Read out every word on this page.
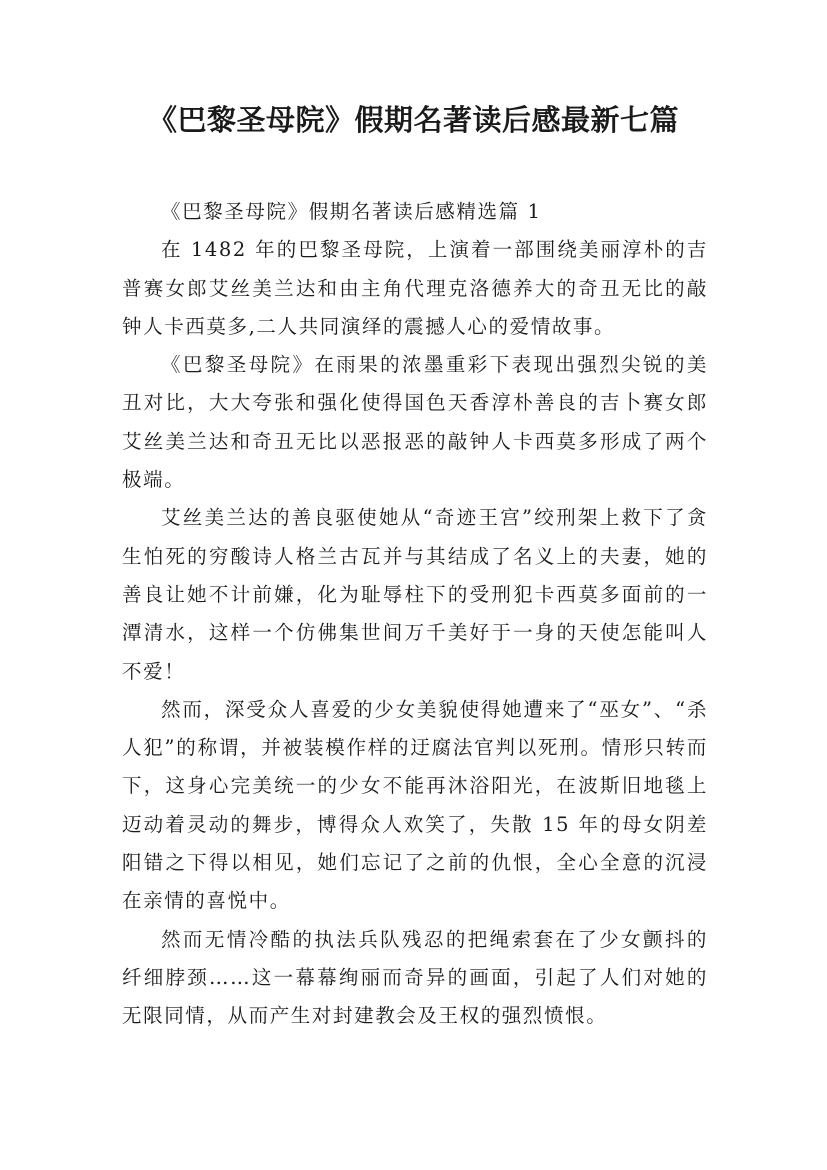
《巴黎圣母院》假期名著读后感最新七篇

《巴黎圣母院》假期名著读后感精选篇 1

在 1482 年的巴黎圣母院，上演着一部围绕美丽淳朴的吉普赛女郎艾丝美兰达和由主角代理克洛德养大的奇丑无比的敲钟人卡西莫多,二人共同演绎的震撼人心的爱情故事。

《巴黎圣母院》在雨果的浓墨重彩下表现出强烈尖锐的美丑对比，大大夸张和强化使得国色天香淳朴善良的吉卜赛女郎艾丝美兰达和奇丑无比以恶报恶的敲钟人卡西莫多形成了两个极端。

艾丝美兰达的善良驱使她从“奇迹王宫”绞刑架上救下了贪生怕死的穷酸诗人格兰古瓦并与其结成了名义上的夫妻，她的善良让她不计前嫌，化为耻辱柱下的受刑犯卡西莫多面前的一潭清水，这样一个仿佛集世间万千美好于一身的天使怎能叫人不爱！

然而，深受众人喜爱的少女美貌使得她遭来了“巫女”、“杀人犯”的称谓，并被装模作样的迂腐法官判以死刑。情形只转而下，这身心完美统一的少女不能再沐浴阳光，在波斯旧地毯上迈动着灵动的舞步，博得众人欢笑了，失散 15 年的母女阴差阳错之下得以相见，她们忘记了之前的仇恨，全心全意的沉浸在亲情的喜悦中。

然而无情冷酷的执法兵队残忍的把绳索套在了少女颤抖的纤细脖颈……这一幕幕绚丽而奇异的画面，引起了人们对她的无限同情，从而产生对封建教会及王权的强烈愤恨。
